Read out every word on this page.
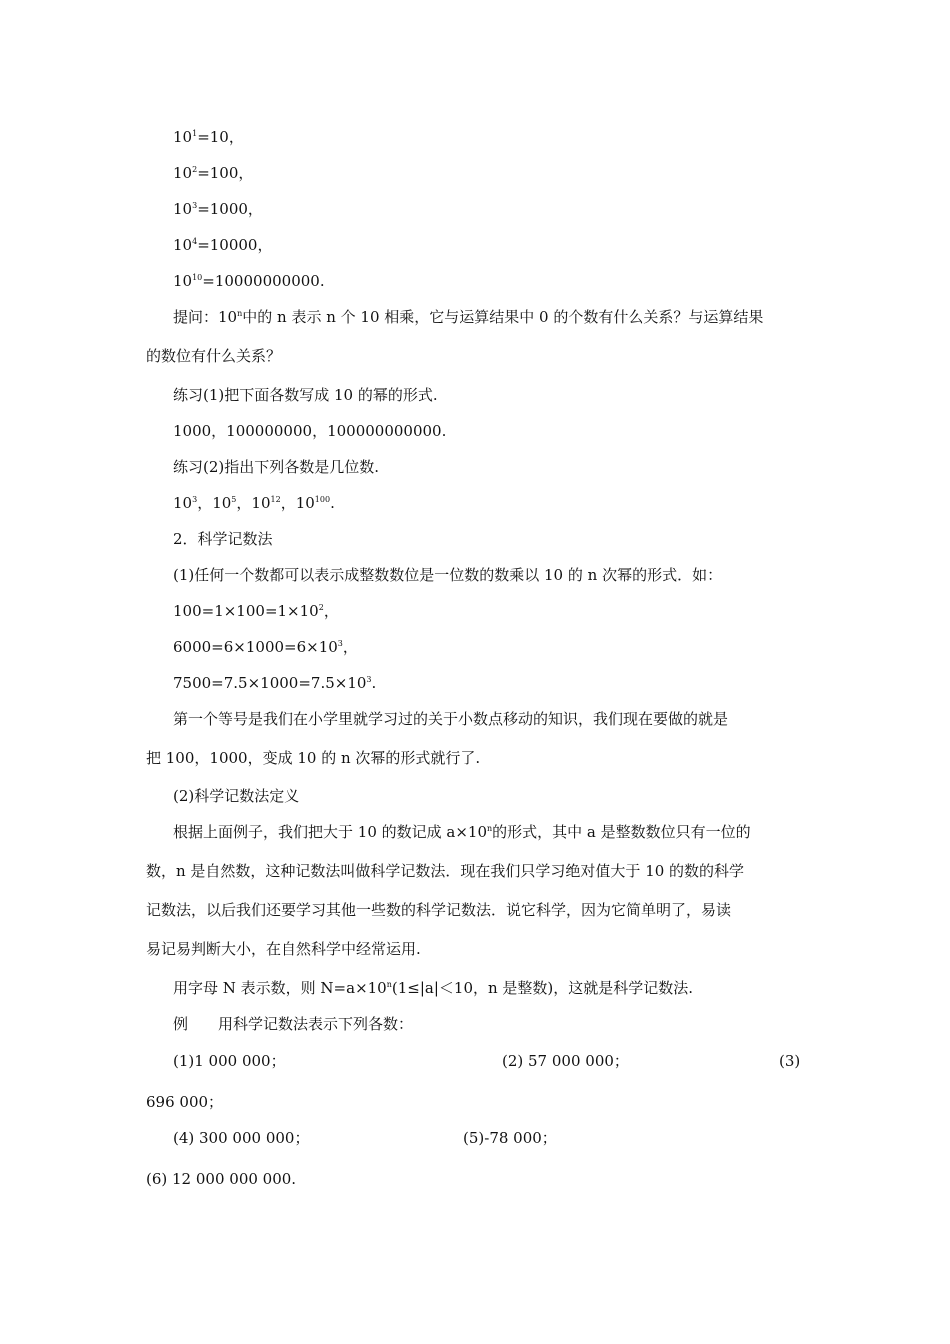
$10^1=10$，
$10^2=100$，
$10^3=1000$，
$10^4=10000$，
$10^{10}=10000000000$.
提问：10$^n$中的 n 表示 n 个 10 相乘，它与运算结果中 0 的个数有什么关系？与运算结果
的数位有什么关系？
练习(1)把下面各数写成 10 的幂的形式.
1000，100000000，100000000000.
练习(2)指出下列各数是几位数.
$10^3$，$10^5$，$10^{12}$，$10^{100}$.
2．科学记数法
(1)任何一个数都可以表示成整数数位是一位数的数乘以 10 的 n 次幂的形式．如：
$100=1\times 100=1\times 10^2$，
$6000=6\times 1000=6\times 10^3$，
$7500=7.5\times 1000=7.5\times 10^3$.
第一个等号是我们在小学里就学习过的关于小数点移动的知识，我们现在要做的就是
把 100，1000，变成 10 的 n 次幂的形式就行了.
(2)科学记数法定义
根据上面例子，我们把大于 10 的数记成 $a\times 10^n$的形式，其中 a 是整数数位只有一位的
数，n 是自然数，这种记数法叫做科学记数法．现在我们只学习绝对值大于 10 的数的科学
记数法，以后我们还要学习其他一些数的科学记数法．说它科学，因为它简单明了，易读
易记易判断大小，在自然科学中经常运用.
用字母 N 表示数，则 $N=a\times 10^n(1\le|a|<10$，n 是整数)，这就是科学记数法.
例　　用科学记数法表示下列各数：
(1)1 000 000；	(2) 57 000 000；	(3)
696 000；
(4) 300 000 000；	(5)-78 000；
(6) 12 000 000 000.
